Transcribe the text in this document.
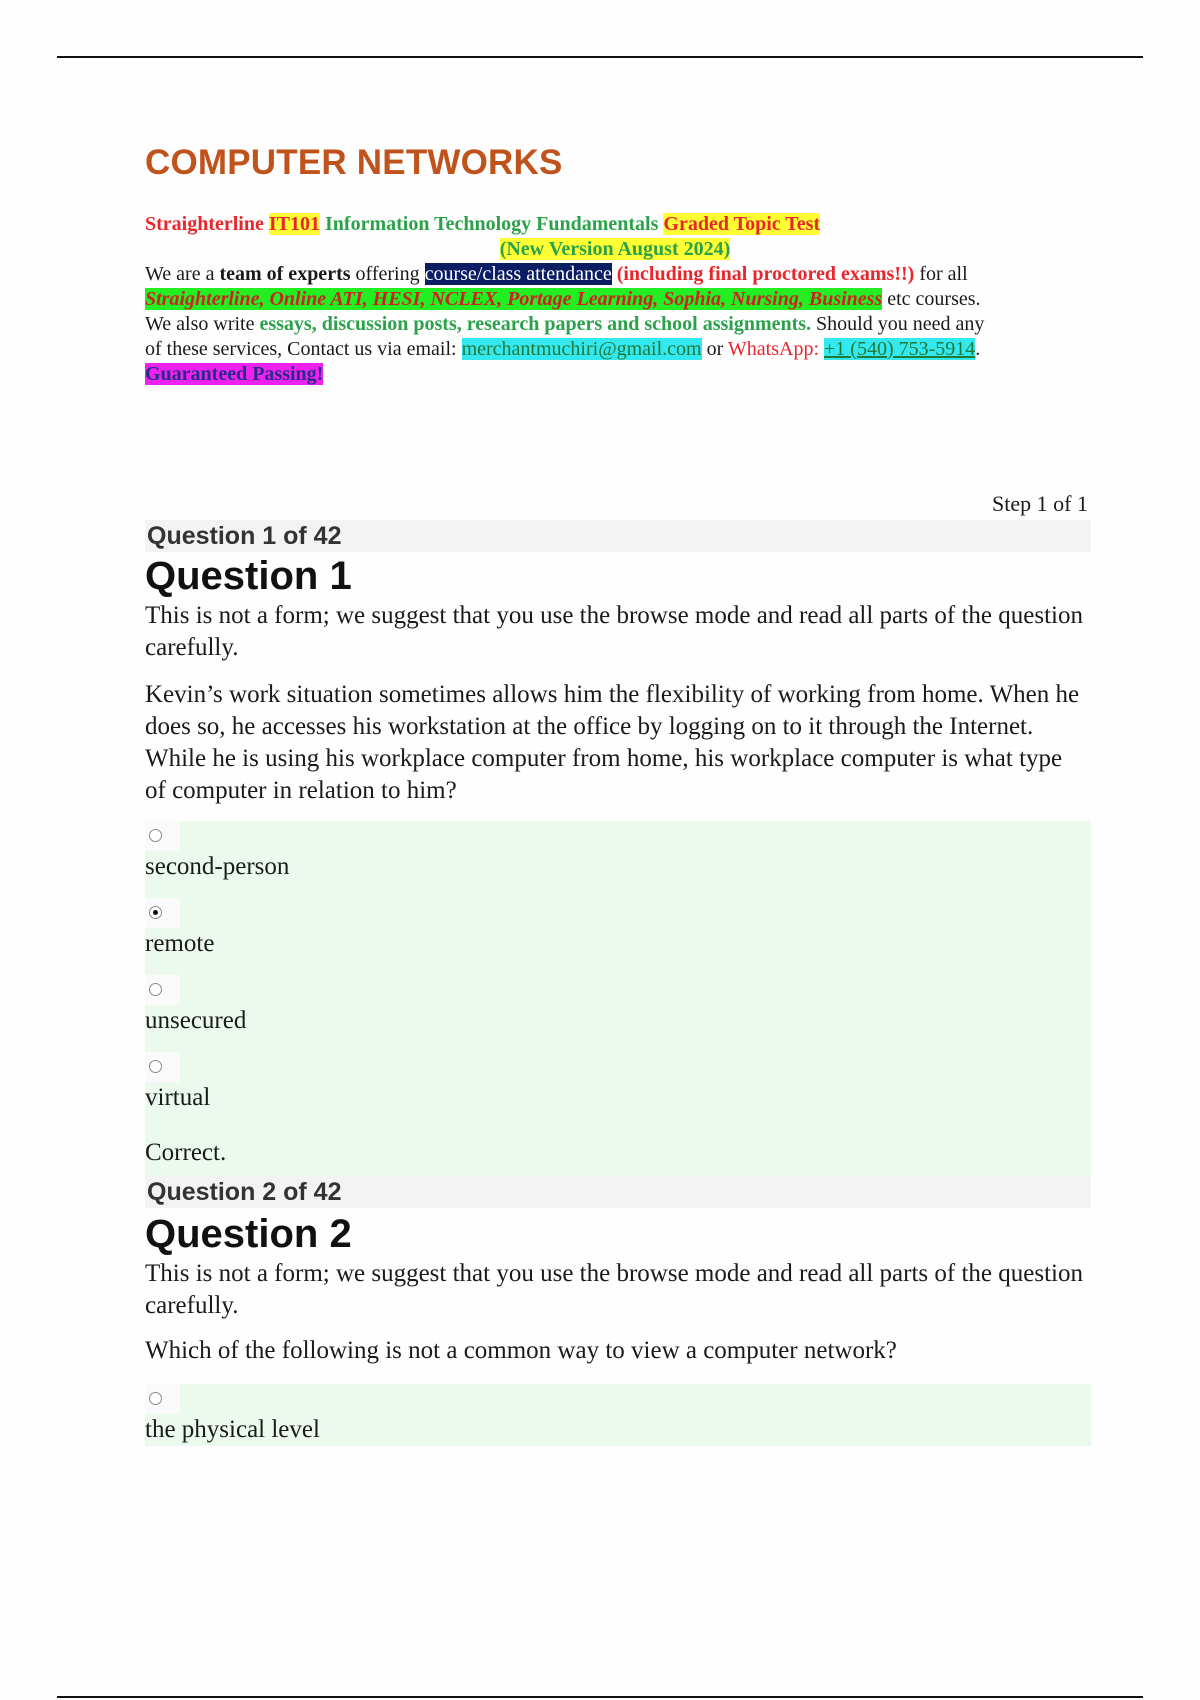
COMPUTER NETWORKS
Straighterline IT101 Information Technology Fundamentals Graded Topic Test
(New Version August 2024)
We are a team of experts offering course/class attendance (including final proctored exams!!) for all
Straighterline, Online ATI, HESI, NCLEX, Portage Learning, Sophia, Nursing, Business etc courses.
We also write essays, discussion posts, research papers and school assignments. Should you need any
of these services, Contact us via email: merchantmuchiri@gmail.com or WhatsApp: +1 (540) 753-5914.
Guaranteed Passing!
Step 1 of 1
Question 1 of 42
Question 1

This is not a form; we suggest that you use the browse mode and read all parts of the question carefully.

Kevin’s work situation sometimes allows him the flexibility of working from home. When he does so, he accesses his workstation at the office by logging on to it through the Internet. While he is using his workplace computer from home, his workplace computer is what type of computer in relation to him?

second-person
remote
unsecured
virtual
Correct.
Question 2 of 42
Question 2

This is not a form; we suggest that you use the browse mode and read all parts of the question carefully.

Which of the following is not a common way to view a computer network?

the physical level
